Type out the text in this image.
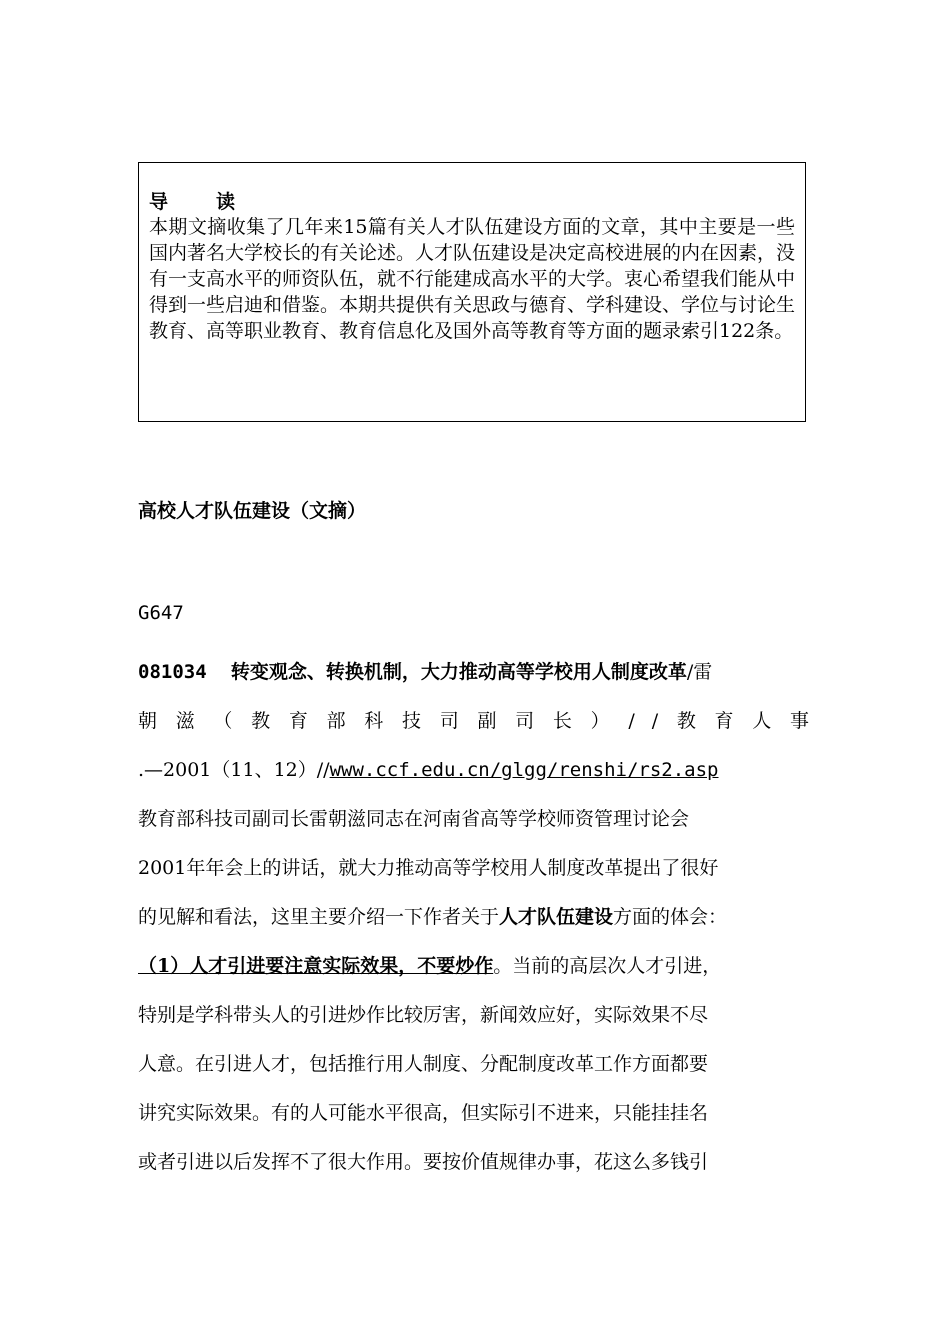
导	读
本期文摘收集了几年来15篇有关人才队伍建设方面的文章，其中主要是一些国内著名大学校长的有关论述。人才队伍建设是决定高校进展的内在因素，没有一支高水平的师资队伍，就不行能建成高水平的大学。衷心希望我们能从中得到一些启迪和借鉴。本期共提供有关思政与德育、学科建设、学位与讨论生教育、高等职业教育、教育信息化及国外高等教育等方面的题录索引122条。
高校人才队伍建设（文摘）
G647
081034 转变观念、转换机制，大力推动高等学校用人制度改革/雷
朝滋（教育部科技司副司长）//教育人事
.—2001（11、12）//www.ccf.edu.cn/glgg/renshi/rs2.asp
教育部科技司副司长雷朝滋同志在河南省高等学校师资管理讨论会
2001年年会上的讲话，就大力推动高等学校用人制度改革提出了很好
的见解和看法，这里主要介绍一下作者关于人才队伍建设方面的体会：
（1）人才引进要注意实际效果，不要炒作。当前的高层次人才引进，
特别是学科带头人的引进炒作比较厉害，新闻效应好，实际效果不尽
人意。在引进人才，包括推行用人制度、分配制度改革工作方面都要
讲究实际效果。有的人可能水平很高，但实际引不进来，只能挂挂名
或者引进以后发挥不了很大作用。要按价值规律办事，花这么多钱引
